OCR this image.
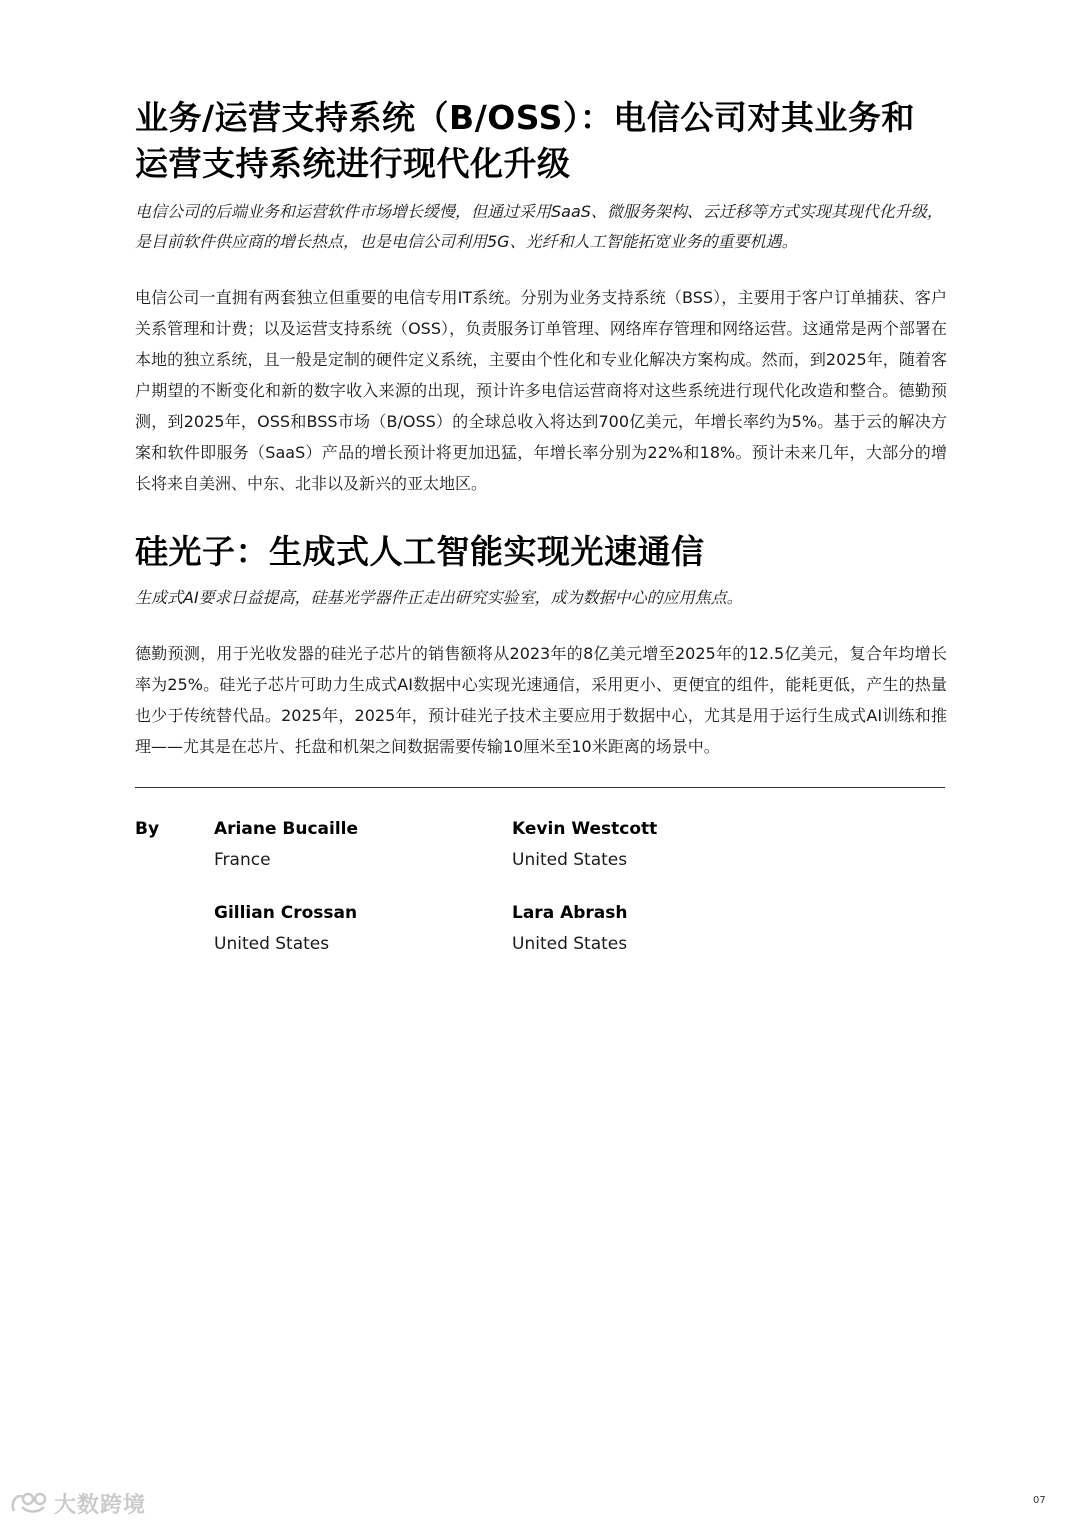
业务/运营支持系统（B/OSS）：电信公司对其业务和运营支持系统进行现代化升级

电信公司的后端业务和运营软件市场增长缓慢，但通过采用SaaS、微服务架构、云迁移等方式实现其现代化升级，是目前软件供应商的增长热点，也是电信公司利用5G、光纤和人工智能拓宽业务的重要机遇。

电信公司一直拥有两套独立但重要的电信专用IT系统。分别为业务支持系统（BSS），主要用于客户订单捕获、客户关系管理和计费；以及运营支持系统（OSS），负责服务订单管理、网络库存管理和网络运营。这通常是两个部署在本地的独立系统，且一般是定制的硬件定义系统，主要由个性化和专业化解决方案构成。然而，到2025年，随着客户期望的不断变化和新的数字收入来源的出现，预计许多电信运营商将对这些系统进行现代化改造和整合。德勤预测，到2025年，OSS和BSS市场（B/OSS）的全球总收入将达到700亿美元，年增长率约为5%。基于云的解决方案和软件即服务（SaaS）产品的增长预计将更加迅猛，年增长率分别为22%和18%。预计未来几年，大部分的增长将来自美洲、中东、北非以及新兴的亚太地区。

硅光子：生成式人工智能实现光速通信

生成式AI要求日益提高，硅基光学器件正走出研究实验室，成为数据中心的应用焦点。

德勤预测，用于光收发器的硅光子芯片的销售额将从2023年的8亿美元增至2025年的12.5亿美元，复合年均增长率为25%。硅光子芯片可助力生成式AI数据中心实现光速通信，采用更小、更便宜的组件，能耗更低，产生的热量也少于传统替代品。2025年，2025年，预计硅光子技术主要应用于数据中心，尤其是用于运行生成式AI训练和推理——尤其是在芯片、托盘和机架之间数据需要传输10厘米至10米距离的场景中。

By	Ariane Bucaille
France
Kevin Westcott
United States
Gillian Crossan
United States
Lara Abrash
United States
大数跨境	07
